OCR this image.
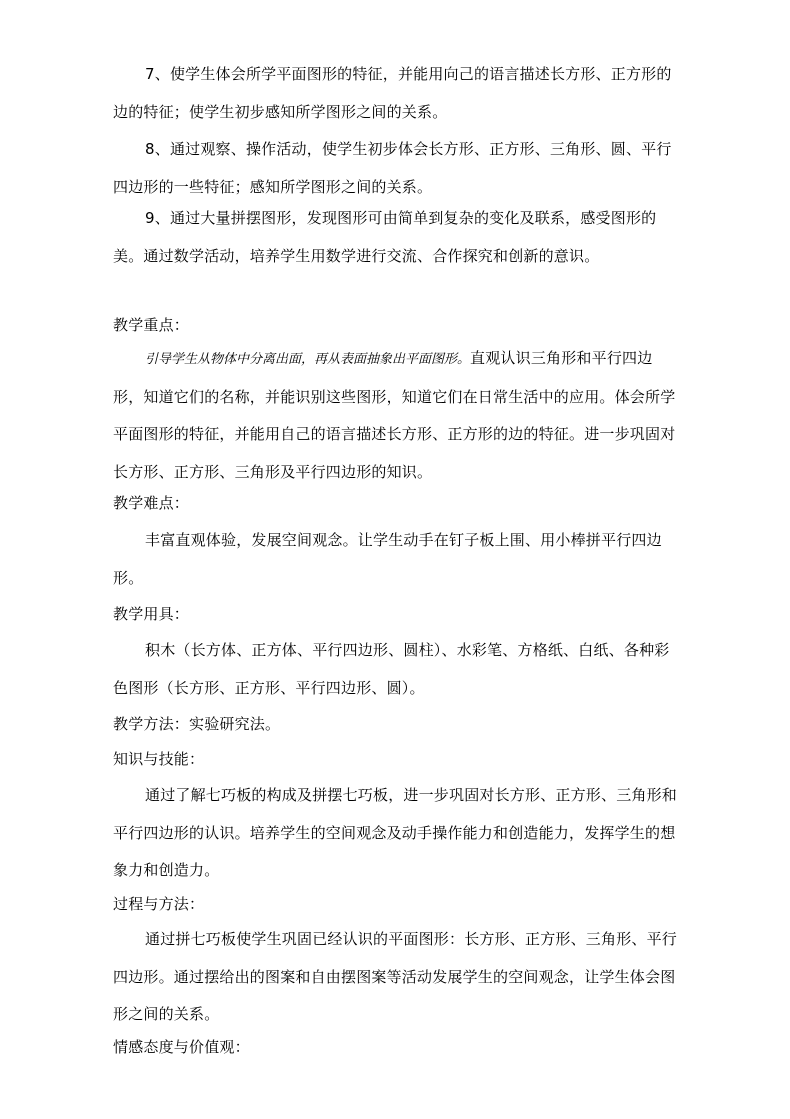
7、使学生体会所学平面图形的特征，并能用向己的语言描述长方形、正方形的边的特征；使学生初步感知所学图形之间的关系。

8、通过观察、操作活动，使学生初步体会长方形、正方形、三角形、圆、平行四边形的一些特征；感知所学图形之间的关系。

9、通过大量拼摆图形，发现图形可由简单到复杂的变化及联系，感受图形的美。通过数学活动，培养学生用数学进行交流、合作探究和创新的意识。

教学重点：

引导学生从物体中分离出面，再从表面抽象出平面图形。直观认识三角形和平行四边形，知道它们的名称，并能识别这些图形，知道它们在日常生活中的应用。体会所学平面图形的特征，并能用自己的语言描述长方形、正方形的边的特征。进一步巩固对长方形、正方形、三角形及平行四边形的知识。

教学难点：

丰富直观体验，发展空间观念。让学生动手在钉子板上围、用小棒拼平行四边形。

教学用具：

积木（长方体、正方体、平行四边形、圆柱）、水彩笔、方格纸、白纸、各种彩色图形（长方形、正方形、平行四边形、圆）。

教学方法：实验研究法。

知识与技能：

通过了解七巧板的构成及拼摆七巧板，进一步巩固对长方形、正方形、三角形和平行四边形的认识。培养学生的空间观念及动手操作能力和创造能力，发挥学生的想象力和创造力。

过程与方法：

通过拼七巧板使学生巩固已经认识的平面图形：长方形、正方形、三角形、平行四边形。通过摆给出的图案和自由摆图案等活动发展学生的空间观念，让学生体会图形之间的关系。

情感态度与价值观：
